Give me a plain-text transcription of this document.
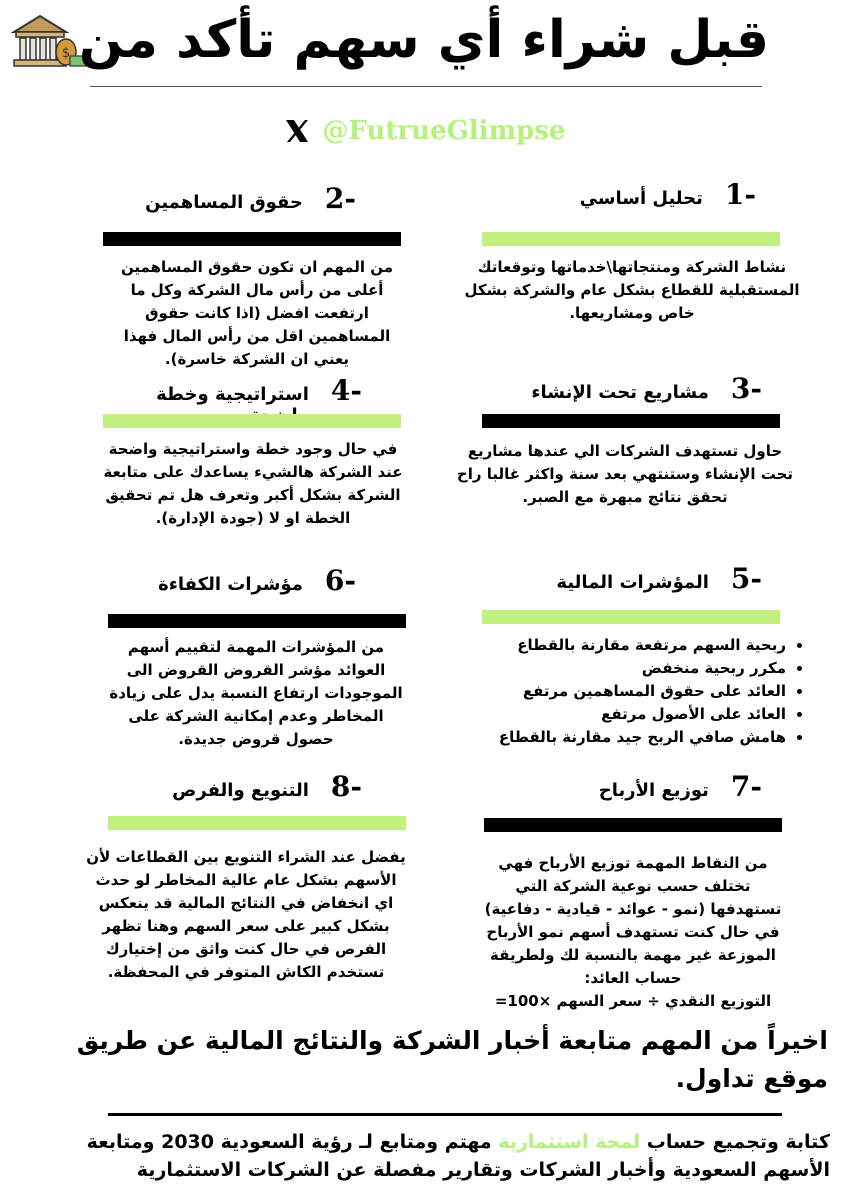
$ قبل شراء أي سهم تأكد من
@FutrueGlimpse
1-
تحليل أساسي
نشاط الشركة ومنتجاتها\خدماتها وتوقعاتك المستقبلية للقطاع بشكل عام والشركة بشكل خاص ومشاريعها.
2-
حقوق المساهمين
من المهم ان تكون حقوق المساهمين أعلى من رأس مال الشركة وكل ما ارتفعت افضل (اذا كانت حقوق المساهمين اقل من رأس المال فهذا يعني ان الشركة خاسرة).
3-
مشاريع تحت الإنشاء
حاول تستهدف الشركات الي عندها مشاريع تحت الإنشاء وستنتهي بعد سنة واكثر غالبا راح تحقق نتائج مبهرة مع الصبر.
4-
استراتيجية وخطة
في حال وجود خطة واستراتيجية واضحة عند الشركة هالشيء يساعدك على متابعة الشركة بشكل أكبر وتعرف هل تم تحقيق الخطة او لا (جودة الإدارة).
5-
المؤشرات المالية
• ربحية السهم مرتفعة مقارنة بالقطاع
• مكرر ربحية منخفض
• العائد على حقوق المساهمين مرتفع
• العائد على الأصول مرتفع
• هامش صافي الربح جيد مقارنة بالقطاع
6-
مؤشرات الكفاءة
من المؤشرات المهمة لتقييم أسهم العوائد مؤشر القروض القروض الى الموجودات ارتفاع النسبة يدل على زيادة المخاطر وعدم إمكانية الشركة على حصول قروض جديدة.
7-
توزيع الأرباح
من النقاط المهمة توزيع الأرباح فهي تختلف حسب نوعية الشركة التي تستهدفها (نمو - عوائد - قيادية - دفاعية) في حال كنت تستهدف أسهم نمو الأرباح الموزعة غير مهمة بالنسبة لك ولطريقة حساب العائد:
التوزيع النقدي ÷ سعر السهم ×100=
8-
التنويع والفرص
يفضل عند الشراء التنويع بين القطاعات لأن الأسهم بشكل عام عالية المخاطر لو حدث اي انخفاض في النتائج المالية قد ينعكس بشكل كبير على سعر السهم وهنا تظهر الفرص في حال كنت واثق من إختيارك تستخدم الكاش المتوفر في المحفظة.
اخيراً من المهم متابعة أخبار الشركة والنتائج المالية عن طريق موقع تداول.
كتابة وتجميع حساب لمحة استثمارية مهتم ومتابع لـ رؤية السعودية 2030 ومتابعة الأسهم السعودية وأخبار الشركات وتقارير مفصلة عن الشركات الاستثمارية
